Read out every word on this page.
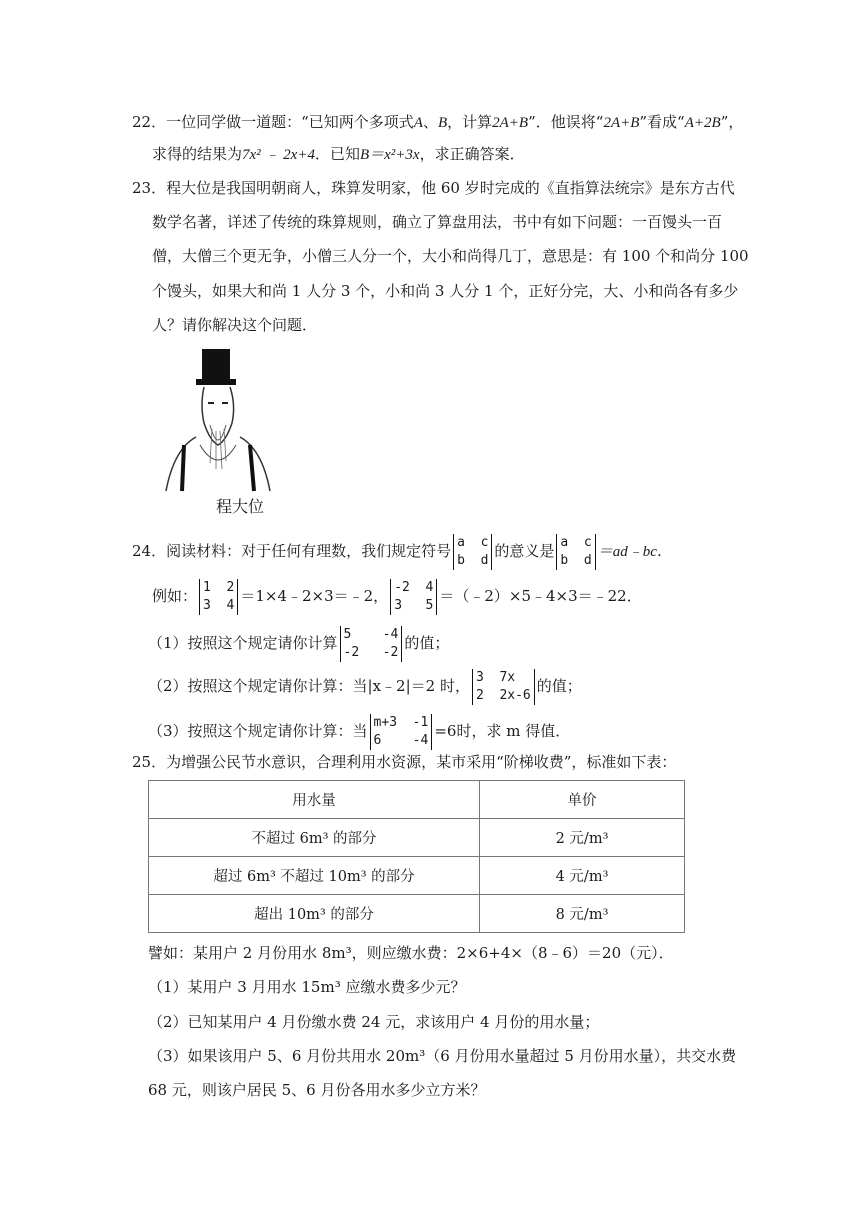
22．一位同学做一道题：“已知两个多项式A、B，计算2A+B”．他误将“2A+B”看成“A+2B”，
求得的结果为7x² ﹣ 2x+4．已知B＝x²+3x，求正确答案．
23．程大位是我国明朝商人，珠算发明家，他 60 岁时完成的《直指算法统宗》是东方古代
数学名著，详述了传统的珠算规则，确立了算盘用法，书中有如下问题：一百馒头一百
僧，大僧三个更无争，小僧三人分一个，大小和尚得几丁，意思是：有 100 个和尚分 100
个馒头，如果大和尚 1 人分 3 个，小和尚 3 人分 1 个，正好分完，大、小和尚各有多少
人？请你解决这个问题．
程大位
24．阅读材料：对于任何有理数，我们规定符号 a  c
b  d
的意义是 a  c
b  d
＝ad﹣bc．
例如： 1  2
3  4
＝1×4﹣2×3＝﹣2， -2  4
3   5
＝（﹣2）×5﹣4×3＝﹣22．
（1）按照这个规定请你计算 5    -4
-2   -2
的值；
（2）按照这个规定请你计算：当|x﹣2|＝2 时， 3  7x
2  2x-6
的值；
（3）按照这个规定请你计算：当 m+3  -1
6    -4
=6时，求 m 得值．
25．为增强公民节水意识，合理利用水资源，某市采用“阶梯收费”，标准如下表：
用水量	单价
不超过 6m³ 的部分	2 元/m³
超过 6m³ 不超过 10m³ 的部分	4 元/m³
超出 10m³ 的部分	8 元/m³
譬如：某用户 2 月份用水 8m³，则应缴水费：2×6+4×（8﹣6）＝20（元）．
（1）某用户 3 月用水 15m³ 应缴水费多少元？
（2）已知某用户 4 月份缴水费 24 元，求该用户 4 月份的用水量；
（3）如果该用户 5、6 月份共用水 20m³（6 月份用水量超过 5 月份用水量），共交水费
68 元，则该户居民 5、6 月份各用水多少立方米？
